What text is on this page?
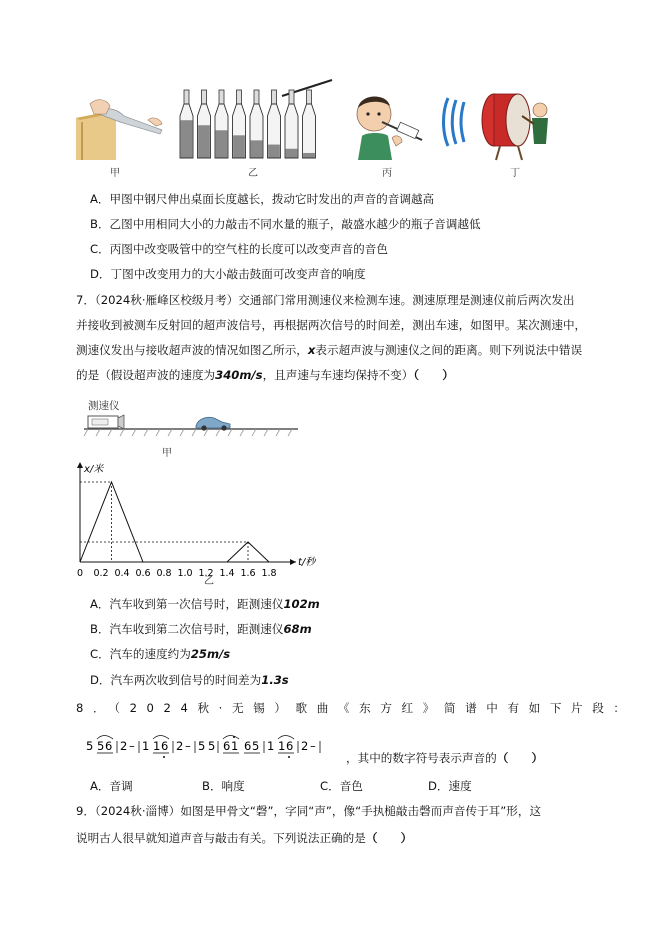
甲	乙	丙	丁
A．甲图中钢尺伸出桌面长度越长，拨动它时发出的声音的音调越高
B．乙图中用相同大小的力敲击不同水量的瓶子，敲盛水越少的瓶子音调越低
C．丙图中改变吸管中的空气柱的长度可以改变声音的音色
D．丁图中改变用力的大小敲击鼓面可改变声音的响度
7．（2024秋·雁峰区校级月考）交通部门常用测速仪来检测车速。测速原理是测速仪前后两次发出
并接收到被测车反射回的超声波信号，再根据两次信号的时间差，测出车速，如图甲。某次测速中，
测速仪发出与接收超声波的情况如图乙所示，x表示超声波与测速仪之间的距离。则下列说法中错误
的是（假设超声波的速度为340m/s，且声速与车速均保持不变）（　　）
测速仪
甲
x/米
t/秒
0 0.2 0.4 0.6 0.8 1.0 1.2 1.4 1.6 1.8
乙
A．汽车收到第一次信号时，距测速仪102m
B．汽车收到第二次信号时，距测速仪68m
C．汽车的速度约为25m/s
D．汽车两次收到信号的时间差为1.3s
8．（2024秋·无锡）歌曲《东方红》简谱中有如下片段：
5 5 6 2 – 1 1 6 2 – 5 5 6 1 6 5 1 1 6 2 –
，其中的数字符号表示声音的（　　）
A．音调	B．响度	C．音色	D．速度
9．（2024秋·淄博）如图是甲骨文“磬”，字同“声”，像“手执槌敲击磬而声音传于耳”形，这
说明古人很早就知道声音与敲击有关。下列说法正确的是（　　）
